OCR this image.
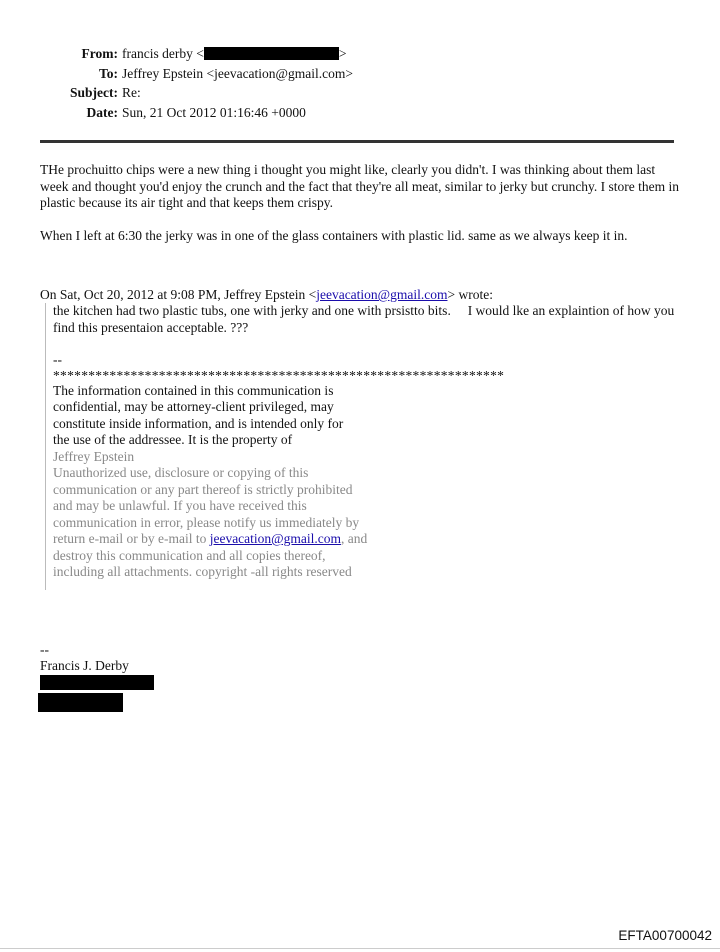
From: francis derby <	>
To: Jeffrey Epstein <jeevacation@gmail.com>
Subject: Re:
Date: Sun, 21 Oct 2012 01:16:46 +0000

THe prochuitto chips were a new thing i thought you might like, clearly you didn't. I was thinking about them last week and thought you'd enjoy the crunch and the fact that they're all meat, similar to jerky but crunchy. I store them in plastic because its air tight and that keeps them crispy.

When I left at 6:30 the jerky was in one of the glass containers with plastic lid. same as we always keep it in.

On Sat, Oct 20, 2012 at 9:08 PM, Jeffrey Epstein <jeevacation@gmail.com> wrote:

the kitchen had two plastic tubs, one with jerky and one with prsistto bits.     I would lke an explaintion of how you find this presentaion acceptable. ???

--

****************************************************************

The information contained in this communication is

confidential, may be attorney-client privileged, may

constitute inside information, and is intended only for

the use of the addressee. It is the property of

Jeffrey Epstein

Unauthorized use, disclosure or copying of this

communication or any part thereof is strictly prohibited

and may be unlawful. If you have received this

communication in error, please notify us immediately by

return e-mail or by e-mail to jeevacation@gmail.com, and

destroy this communication and all copies thereof,

including all attachments. copyright -all rights reserved

--
Francis J. Derby
EFTA00700042
